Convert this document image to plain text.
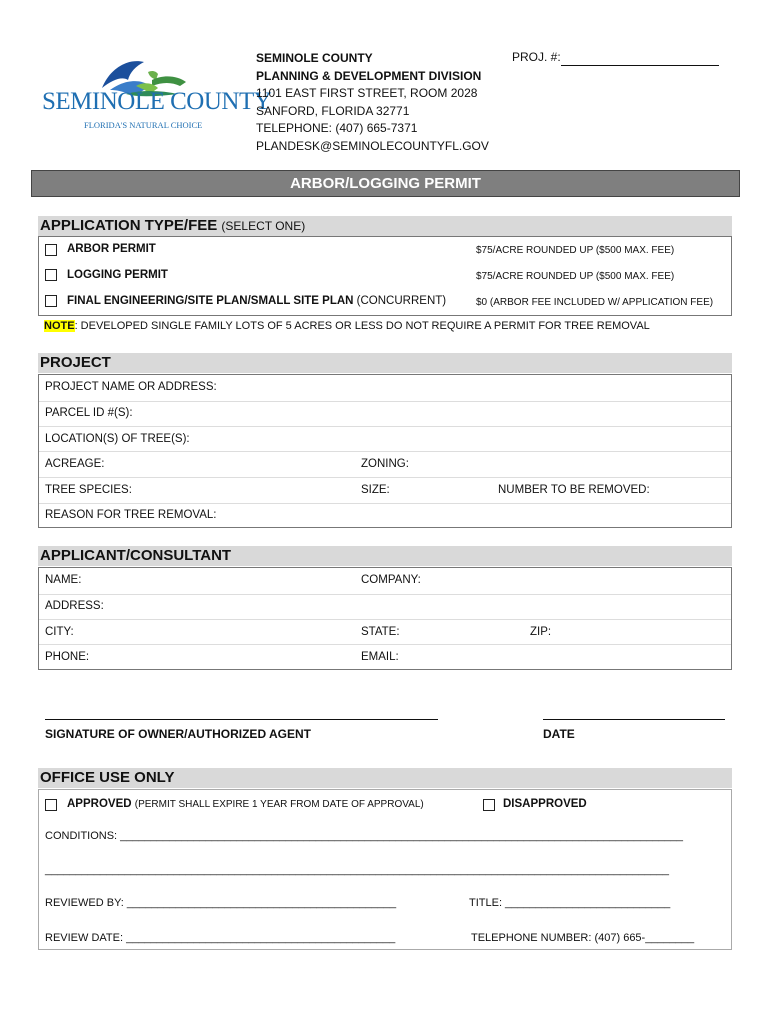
SEMINOLE COUNTY
FLORIDA'S NATURAL CHOICE
SEMINOLE COUNTY
PLANNING & DEVELOPMENT DIVISION
1101 EAST FIRST STREET, ROOM 2028
SANFORD, FLORIDA 32771
TELEPHONE: (407) 665-7371
PLANDESK@SEMINOLECOUNTYFL.GOV
PROJ. #:
ARBOR/LOGGING PERMIT
APPLICATION TYPE/FEE (SELECT ONE)
ARBOR PERMIT	$75/ACRE ROUNDED UP ($500 MAX. FEE)
LOGGING PERMIT	$75/ACRE ROUNDED UP ($500 MAX. FEE)
FINAL ENGINEERING/SITE PLAN/SMALL SITE PLAN (CONCURRENT)	$0 (ARBOR FEE INCLUDED W/ APPLICATION FEE)
NOTE: DEVELOPED SINGLE FAMILY LOTS OF 5 ACRES OR LESS DO NOT REQUIRE A PERMIT FOR TREE REMOVAL
PROJECT
PROJECT NAME OR ADDRESS:
PARCEL ID #(S):
LOCATION(S) OF TREE(S):
ACREAGE:	ZONING:
TREE SPECIES:	SIZE:	NUMBER TO BE REMOVED:
REASON FOR TREE REMOVAL:
APPLICANT/CONSULTANT
NAME:	COMPANY:
ADDRESS:
CITY:	STATE:	ZIP:
PHONE:	EMAIL:
SIGNATURE OF OWNER/AUTHORIZED AGENT	DATE
OFFICE USE ONLY
APPROVED (PERMIT SHALL EXPIRE 1 YEAR FROM DATE OF APPROVAL)	DISAPPROVED
CONDITIONS: ____________________________________________________________________________________________
______________________________________________________________________________________________________
REVIEWED BY: ____________________________________________	TITLE: ___________________________
REVIEW DATE: ____________________________________________	TELEPHONE NUMBER: (407) 665-________
